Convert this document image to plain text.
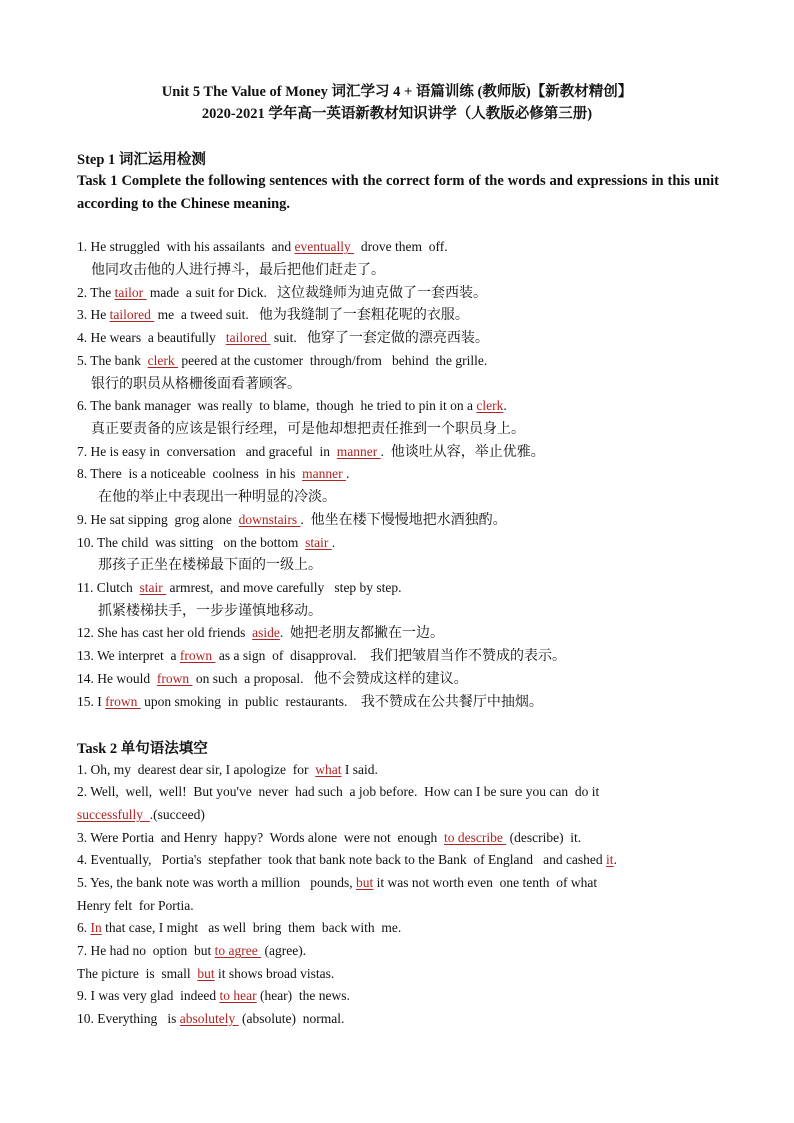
Unit 5 The Value of Money 词汇学习 4 + 语篇训练 (教师版)【新教材精创】
2020-2021 学年高一英语新教材知识讲学（人教版必修第三册)
Step 1 词汇运用检测
Task 1 Complete the following sentences with the correct form of the words and expressions in this unit according to the Chinese meaning.
1. He struggled  with his assailants  and eventually   drove them  off.
他同攻击他的人进行搏斗，最后把他们赶走了。
2. The tailor  made  a suit for Dick.   这位裁缝师为迪克做了一套西装。
3. He tailored  me  a tweed suit.   他为我缝制了一套粗花呢的衣服。
4. He wears  a beautifully   tailored  suit.   他穿了一套定做的漂亮西装。
5. The bank  clerk  peered at the customer  through/from   behind  the grille.
银行的职员从格栅後面看著顾客。
6. The bank manager  was really  to blame,  though  he tried to pin it on a clerk.
真正要责备的应该是银行经理，可是他却想把责任推到一个职员身上。
7. He is easy in  conversation   and graceful  in  manner .  他谈吐从容，举止优雅。
8. There  is a noticeable  coolness  in his  manner .
在他的举止中表现出一种明显的冷淡。
9. He sat sipping  grog alone  downstairs .  他坐在楼下慢慢地把水酒独酌。
10. The child  was sitting   on the bottom  stair .
那孩子正坐在楼梯最下面的一级上。
11. Clutch  stair  armrest,  and move carefully   step by step.
抓紧楼梯扶手，一步步谨慎地移动。
12. She has cast her old friends  aside.  她把老朋友都撇在一边。
13. We interpret  a frown  as a sign  of  disapproval.    我们把皱眉当作不赞成的表示。
14. He would  frown  on such  a proposal.   他不会赞成这样的建议。
15. I frown  upon smoking  in  public  restaurants.    我不赞成在公共餐厅中抽烟。
Task 2 单句语法填空
1. Oh, my  dearest dear sir, I apologize  for  what I said.
2. Well,  well,  well!  But you've  never  had such  a job before.  How can I be sure you can  do it
successfully  .(succeed)
3. Were Portia  and Henry  happy?  Words alone  were not  enough  to describe  (describe)  it.
4. Eventually,   Portia's  stepfather  took that bank note back to the Bank  of England   and cashed it.
5. Yes, the bank note was worth a million   pounds, but it was not worth even  one tenth  of what
Henry felt  for Portia.
6. In that case, I might   as well  bring  them  back with  me.
7. He had no  option  but to agree  (agree).
The picture  is  small  but it shows broad vistas.
9. I was very glad  indeed to hear (hear)  the news.
10. Everything   is absolutely  (absolute)  normal.
